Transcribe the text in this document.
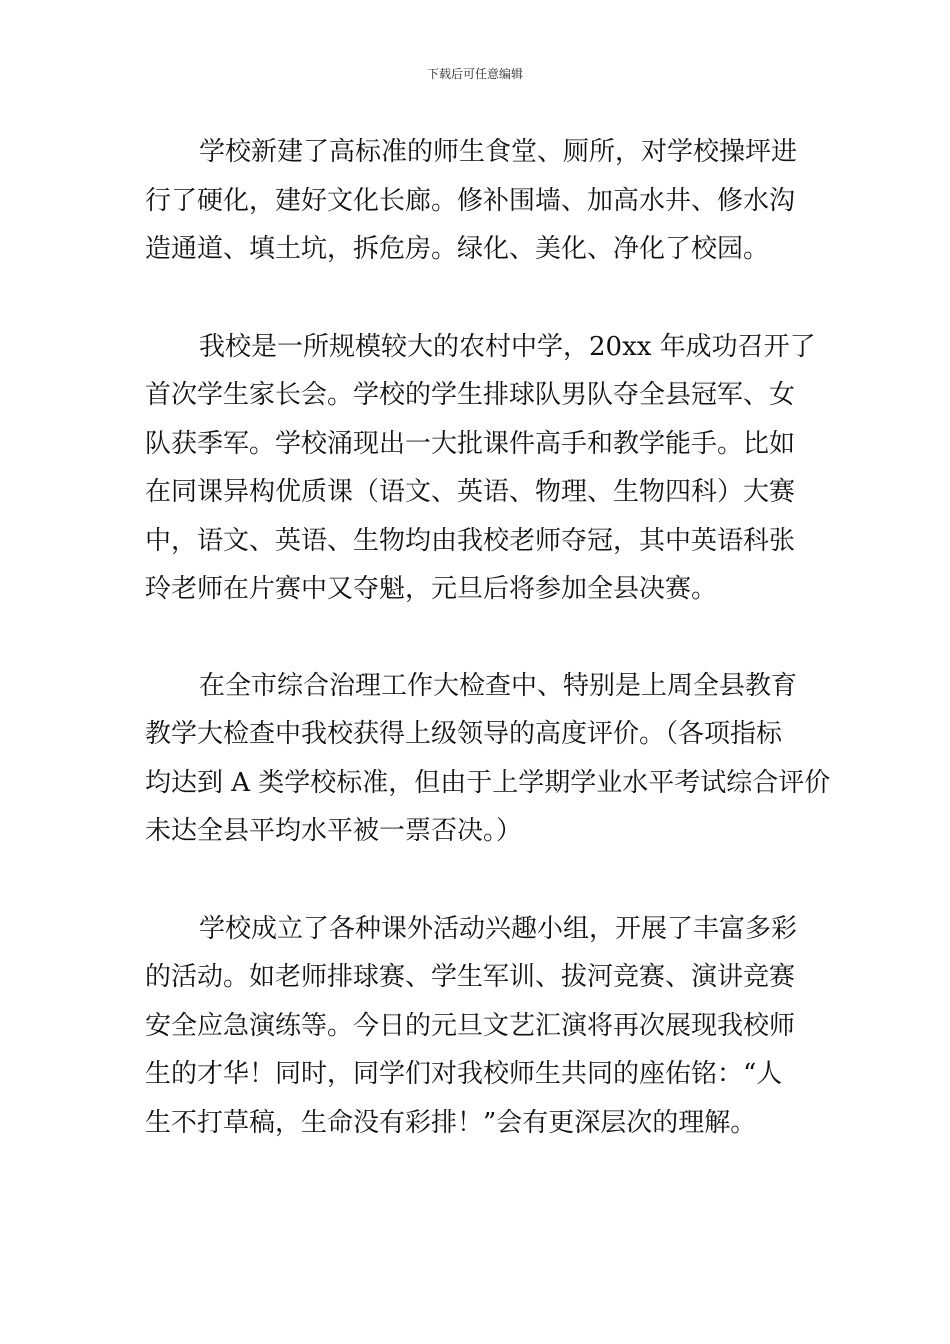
下载后可任意编辑
学校新建了高标准的师生食堂、厕所，对学校操坪进
行了硬化，建好文化长廊。修补围墙、加高水井、修水沟
造通道、填土坑，拆危房。绿化、美化、净化了校园。
我校是一所规模较大的农村中学，20xx 年成功召开了
首次学生家长会。学校的学生排球队男队夺全县冠军、女
队获季军。学校涌现出一大批课件高手和教学能手。比如
在同课异构优质课（语文、英语、物理、生物四科）大赛
中，语文、英语、生物均由我校老师夺冠，其中英语科张
玲老师在片赛中又夺魁，元旦后将参加全县决赛。
在全市综合治理工作大检查中、特别是上周全县教育
教学大检查中我校获得上级领导的高度评价。（各项指标
均达到 A 类学校标准，但由于上学期学业水平考试综合评价
未达全县平均水平被一票否决。）
学校成立了各种课外活动兴趣小组，开展了丰富多彩
的活动。如老师排球赛、学生军训、拔河竞赛、演讲竞赛
安全应急演练等。今日的元旦文艺汇演将再次展现我校师
生的才华！同时，同学们对我校师生共同的座佑铭：“人
生不打草稿，生命没有彩排！”会有更深层次的理解。
